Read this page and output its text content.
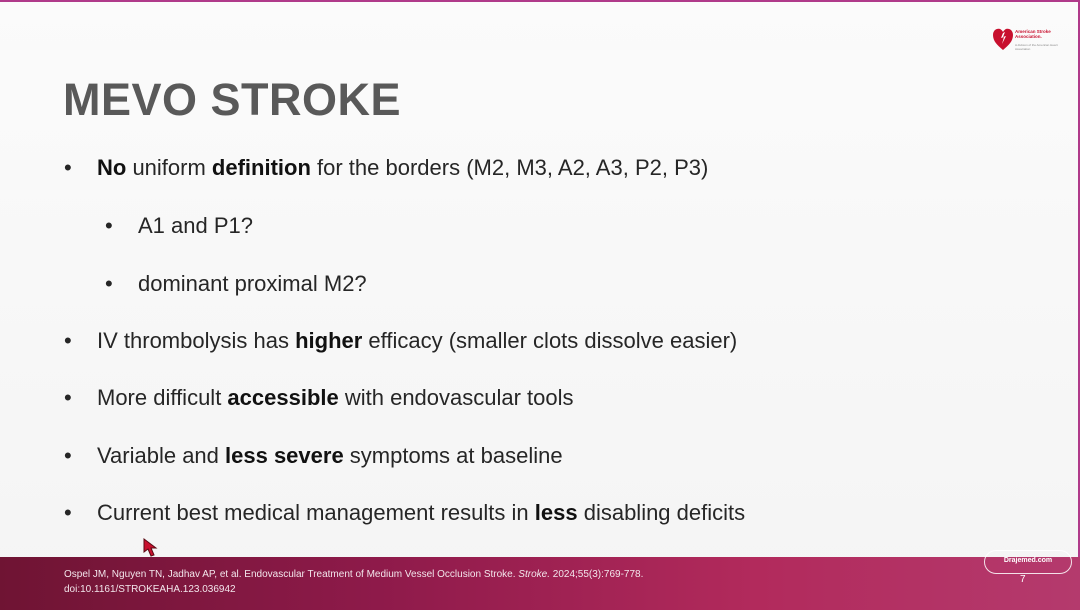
American Stroke Association.
A division of the American Heart Association
MEVO STROKE
• No uniform definition for the borders (M2, M3, A2, A3, P2, P3)
• A1 and P1?
• dominant proximal M2?
• IV thrombolysis has higher efficacy (smaller clots dissolve easier)
• More difficult accessible with endovascular tools
• Variable and less severe symptoms at baseline
• Current best medical management results in less disabling deficits
Ospel JM, Nguyen TN, Jadhav AP, et al. Endovascular Treatment of Medium Vessel Occlusion Stroke. Stroke. 2024;55(3):769-778.
doi:10.1161/STROKEAHA.123.036942
Drajemed.com
7
